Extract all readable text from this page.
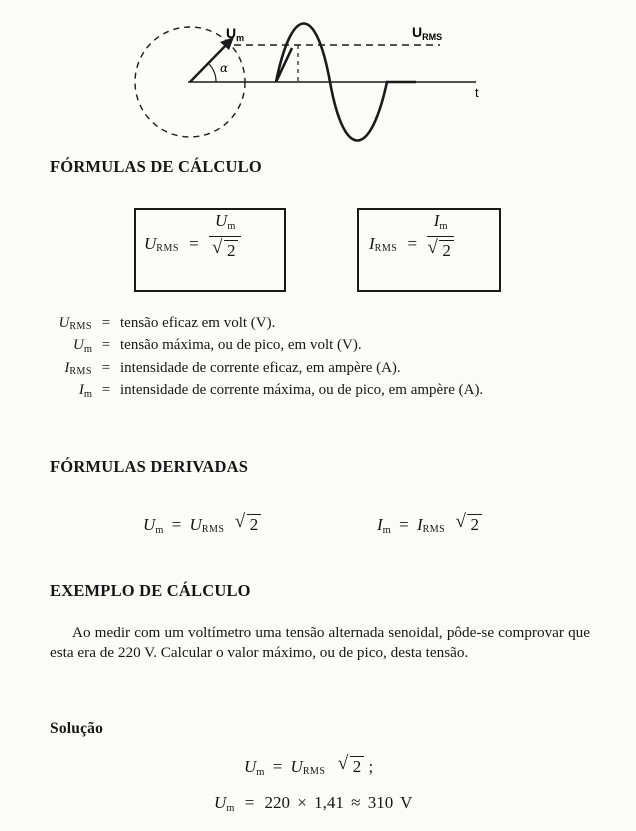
$U_m$	$U_{RMS}$
α
t
FÓRMULAS DE CÁLCULO
URMS = $\frac{U_m}{√ 2}$	IRMS = $\frac{I_m}{√ 2}$
URMS = tensão eficaz em volt (V).
$U_m$ = tensão máxima, ou de pico, em volt (V).
IRMS = intensidade de corrente eficaz, em ampère (A).
$I_m$ = intensidade de corrente máxima, ou de pico, em ampère (A).
FÓRMULAS DERIVADAS
$U_m$ = URMS √ 2	$I_m$ = IRMS √ 2
EXEMPLO DE CÁLCULO
Ao medir com um voltímetro uma tensão alternada senoidal, pôde-se comprovar que esta era de 220 V. Calcular o valor máximo, ou de pico, desta tensão.
Solução
$U_m$ = URMS √ 2 ;
$U_m = 220 \times 1,41 \approx 310$ V
